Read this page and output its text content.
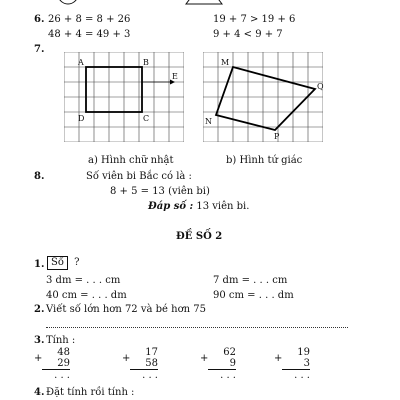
6. 26 + 8 = 8 + 26	19 + 7 > 19 + 6
48 + 4 = 49 + 3	9 + 4 < 9 + 7
7.
A	B
C
D
E
M
Q
P
N
a) Hình chữ nhật	b) Hình tứ giác
8.	Số viên bi Bắc có là :
8 + 5 = 13 (viên bi)
Đáp số : 13 viên bi.
ĐỀ SỐ 2
1. Số ?
3 dm = . . . cm	7 dm = . . . cm
40 cm = . . . dm	90 cm = . . . dm
2. Viết số lớn hơn 72 và bé hơn 75
3. Tính :
+
48
29
. . .
+
17
58
. . .
+
62
9
. . .
+
19
3
. . .
4. Đặt tính rồi tính :
